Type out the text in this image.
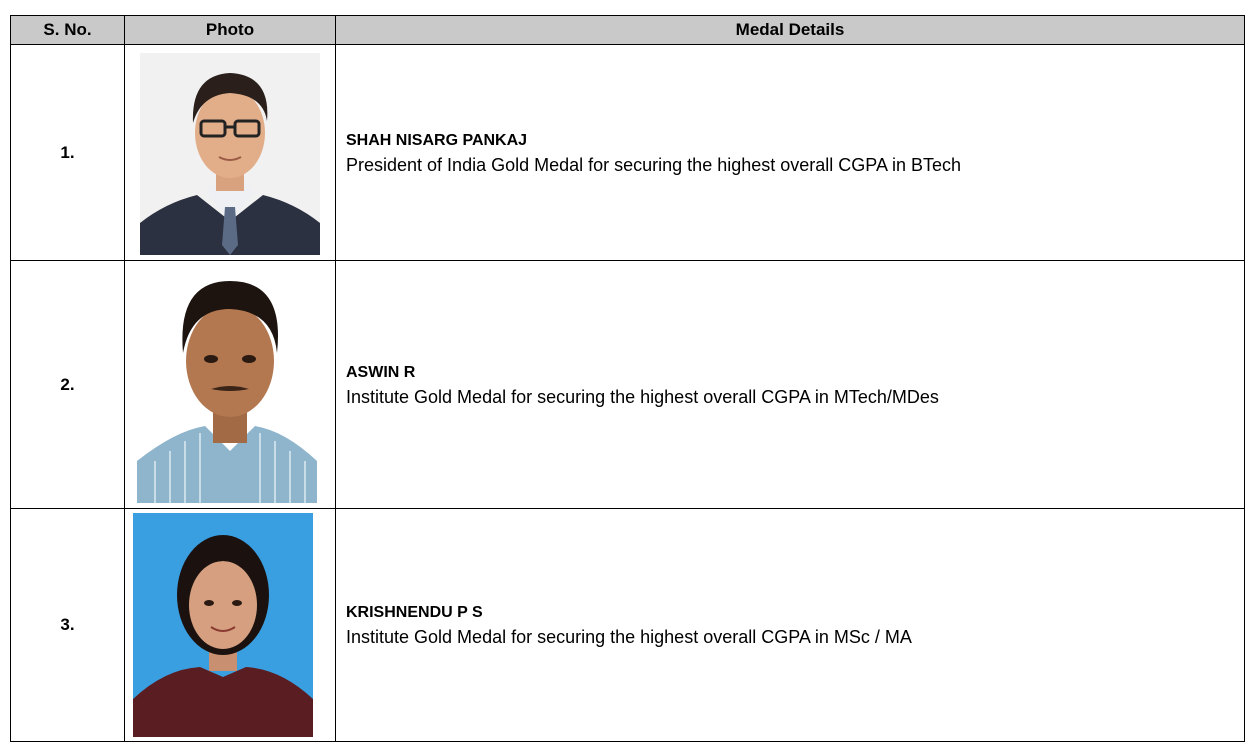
S. No.	Photo	Medal Details
1.		SHAH NISARG PANKAJ
President of India Gold Medal for securing the highest overall CGPA in BTech

2.		ASWIN R
Institute Gold Medal for securing the highest overall CGPA in MTech/MDes

3.		KRISHNENDU P S
Institute Gold Medal for securing the highest overall CGPA in MSc / MA
